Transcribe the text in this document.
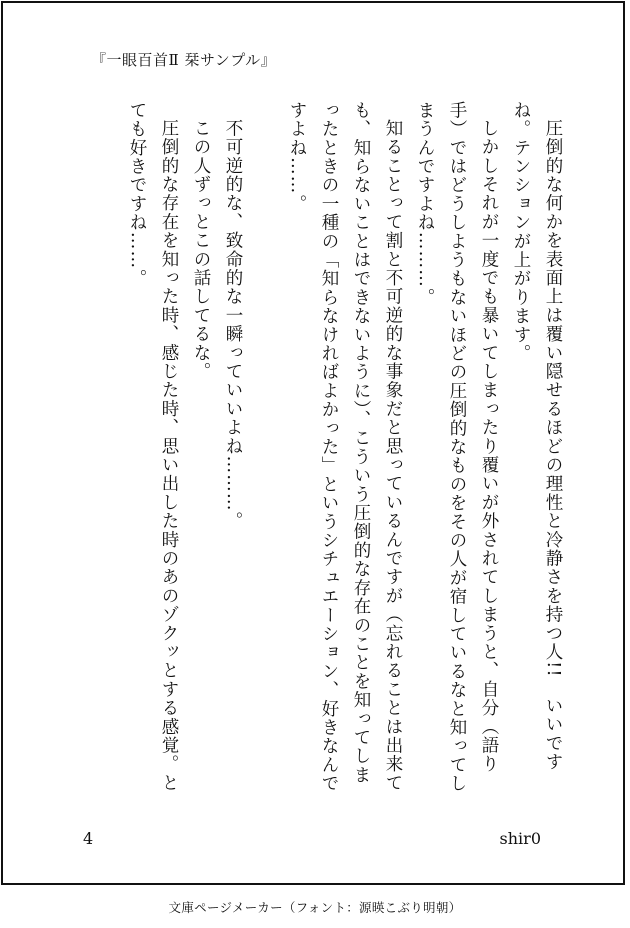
『一眼百首Ⅱ 栞サンプル』

圧倒的な何かを表面上は覆い隠せるほどの理性と冷静さを持つ人!!　いいですね。テンションが上がります。

しかしそれが一度でも暴いてしまったり覆いが外されてしまうと、自分（語り手）ではどうしようもないほどの圧倒的なものをその人が宿しているなと知ってしまうんですよね………。

知ることって割と不可逆的な事象だと思っているんですが（忘れることは出来ても、知らないことはできないように）、こういう圧倒的な存在のことを知ってしまったときの一種の「知らなければよかった」というシチュエーション、好きなんですよね……。

不可逆的な、致命的な一瞬っていいよね………。

この人ずっとこの話してるな。

圧倒的な存在を知った時、感じた時、思い出した時のあのゾクッとする感覚。とても好きですね……。

4	shir0
文庫ページメーカー（フォント：源暎こぶり明朝）
